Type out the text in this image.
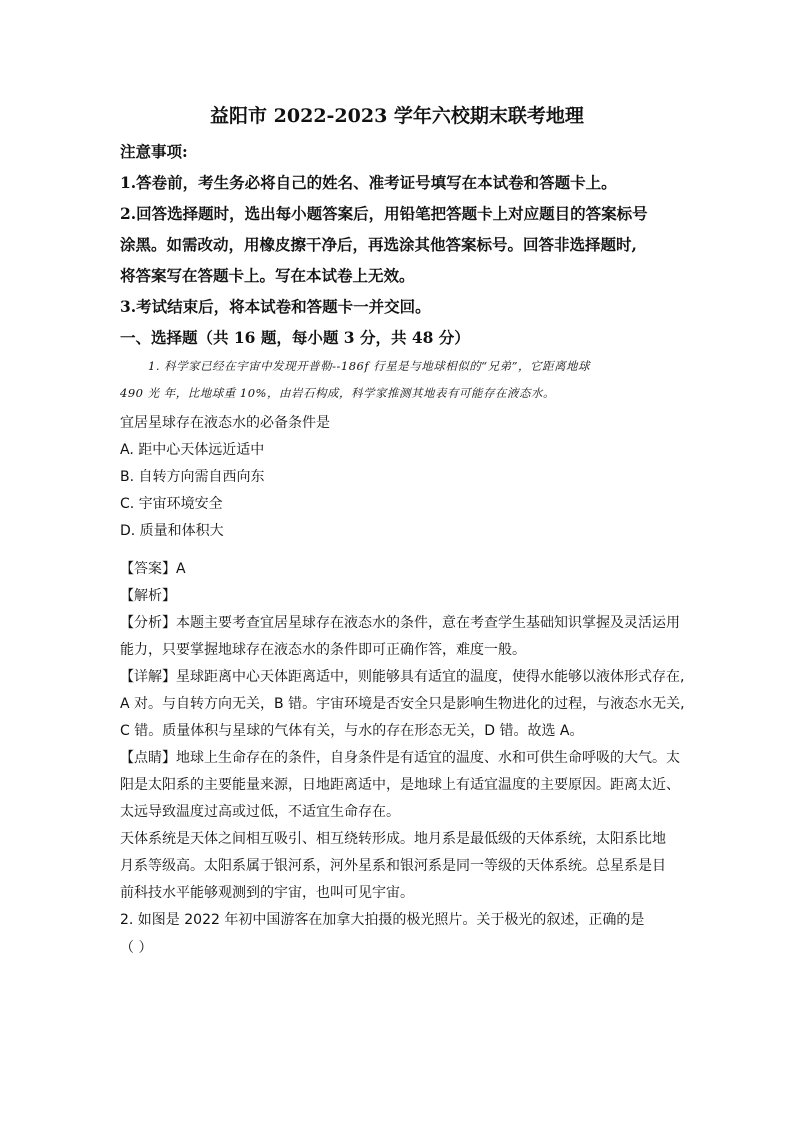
益阳市 2022-2023 学年六校期末联考地理
注意事项:
1.答卷前，考生务必将自己的姓名、准考证号填写在本试卷和答题卡上。
2.回答选择题时，选出每小题答案后，用铅笔把答题卡上对应题目的答案标号
涂黑。如需改动，用橡皮擦干净后，再选涂其他答案标号。回答非选择题时,
将答案写在答题卡上。写在本试卷上无效。
3.考试结束后，将本试卷和答题卡一并交回。
一、选择题（共 16 题，每小题 3 分，共 48 分）
1. 科学家已经在宇宙中发现开普勒--186f 行星是与地球相似的“兄弟”，它距离地球
490 光 年，比地球重 10%，由岩石构成，科学家推测其地表有可能存在液态水。
宜居星球存在液态水的必备条件是
A. 距中心天体远近适中
B. 自转方向需自西向东
C. 宇宙环境安全
D. 质量和体积大
【答案】A
【解析】
【分析】本题主要考查宜居星球存在液态水的条件，意在考查学生基础知识掌握及灵活运用
能力，只要掌握地球存在液态水的条件即可正确作答，难度一般。
【详解】星球距离中心天体距离适中，则能够具有适宜的温度，使得水能够以液体形式存在,
A 对。与自转方向无关，B 错。宇宙环境是否安全只是影响生物进化的过程，与液态水无关,
C 错。质量体积与星球的气体有关，与水的存在形态无关，D 错。故选 A。
【点睛】地球上生命存在的条件，自身条件是有适宜的温度、水和可供生命呼吸的大气。太
阳是太阳系的主要能量来源，日地距离适中，是地球上有适宜温度的主要原因。距离太近、
太远导致温度过高或过低，不适宜生命存在。
天体系统是天体之间相互吸引、相互绕转形成。地月系是最低级的天体系统，太阳系比地
月系等级高。太阳系属于银河系，河外星系和银河系是同一等级的天体系统。总星系是目
前科技水平能够观测到的宇宙，也叫可见宇宙。
2. 如图是 2022 年初中国游客在加拿大拍摄的极光照片。关于极光的叙述，正确的是
（ ）
